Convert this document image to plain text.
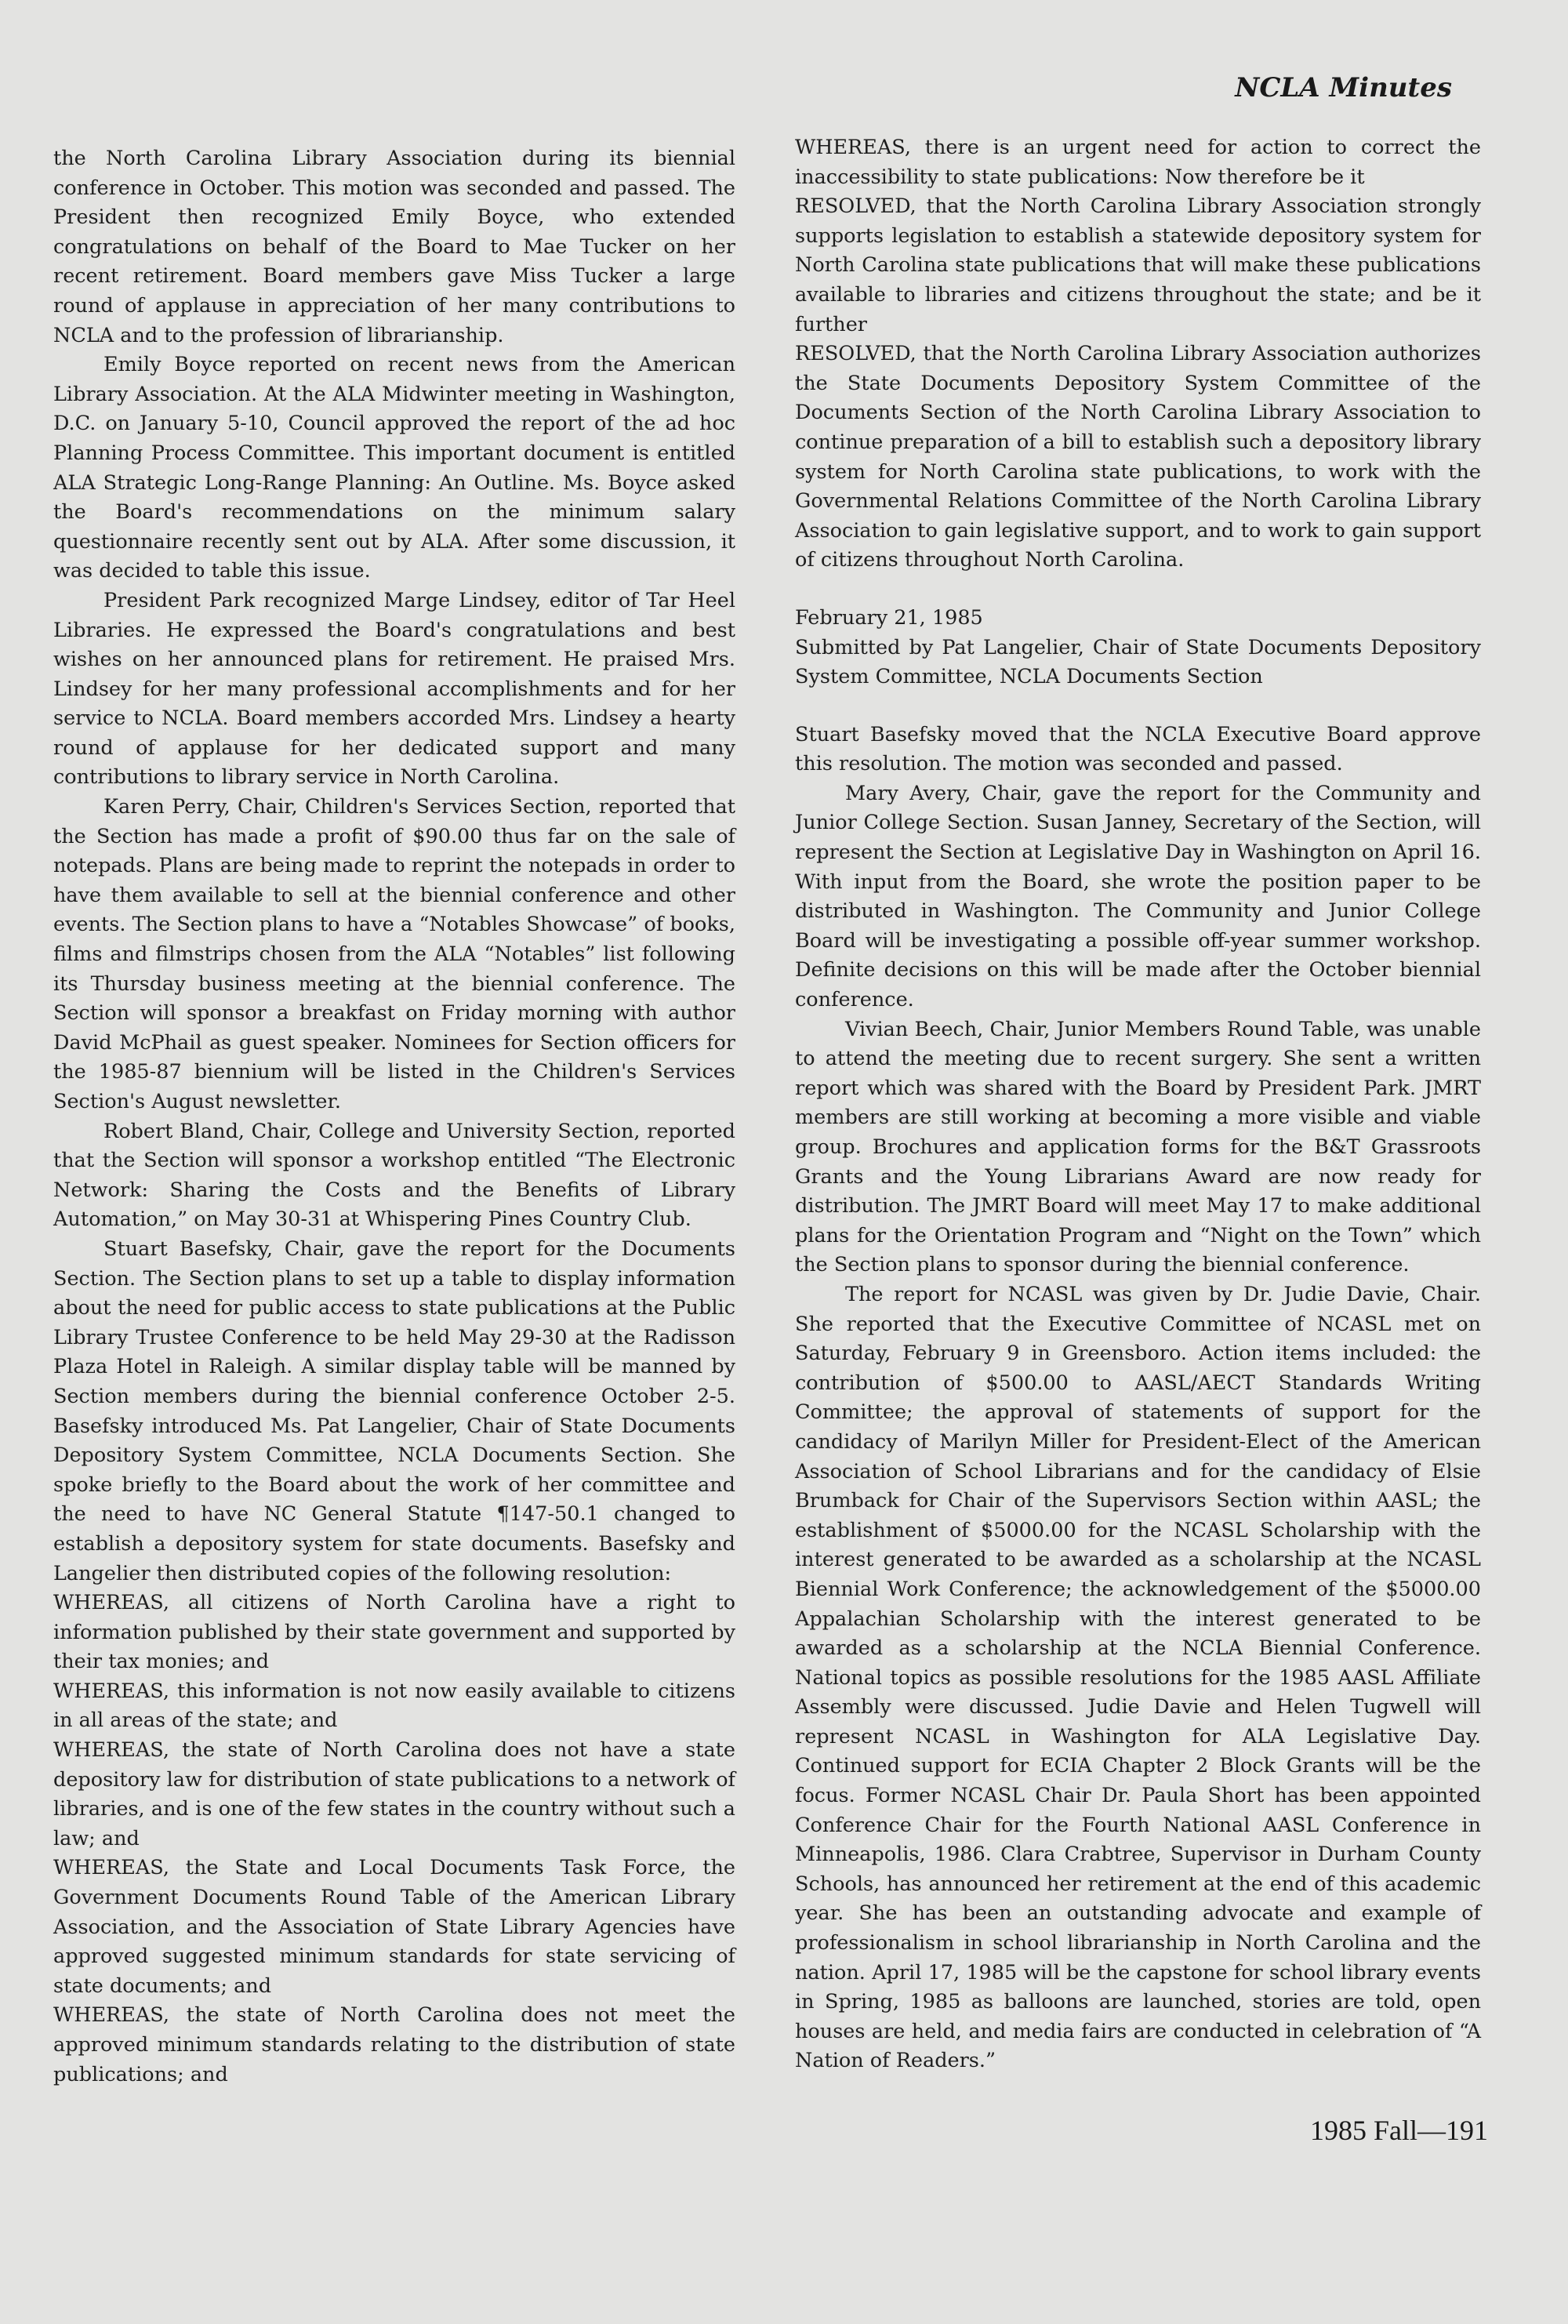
NCLA Minutes

the North Carolina Library Association during its biennial conference in October. This motion was seconded and passed. The President then recognized Emily Boyce, who extended congratulations on behalf of the Board to Mae Tucker on her recent retirement. Board members gave Miss Tucker a large round of applause in appreciation of her many contributions to NCLA and to the profession of librarianship.

Emily Boyce reported on recent news from the American Library Association. At the ALA Midwinter meeting in Washington, D.C. on January 5-10, Council approved the report of the ad hoc Planning Process Committee. This important document is entitled ALA Strategic Long-Range Planning: An Outline. Ms. Boyce asked the Board's recommendations on the minimum salary questionnaire recently sent out by ALA. After some discussion, it was decided to table this issue.

President Park recognized Marge Lindsey, editor of Tar Heel Libraries. He expressed the Board's congratulations and best wishes on her announced plans for retirement. He praised Mrs. Lindsey for her many professional accomplishments and for her service to NCLA. Board members accorded Mrs. Lindsey a hearty round of applause for her dedicated support and many contributions to library service in North Carolina.

Karen Perry, Chair, Children's Services Section, reported that the Section has made a profit of $90.00 thus far on the sale of notepads. Plans are being made to reprint the notepads in order to have them available to sell at the biennial conference and other events. The Section plans to have a “Notables Showcase” of books, films and filmstrips chosen from the ALA “Notables” list following its Thursday business meeting at the biennial conference. The Section will sponsor a breakfast on Friday morning with author David McPhail as guest speaker. Nominees for Section officers for the 1985-87 biennium will be listed in the Children's Services Section's August newsletter.

Robert Bland, Chair, College and University Section, reported that the Section will sponsor a workshop entitled “The Electronic Network: Sharing the Costs and the Benefits of Library Automation,” on May 30-31 at Whispering Pines Country Club.

Stuart Basefsky, Chair, gave the report for the Documents Section. The Section plans to set up a table to display information about the need for public access to state publications at the Public Library Trustee Conference to be held May 29-30 at the Radisson Plaza Hotel in Raleigh. A similar display table will be manned by Section members during the biennial conference October 2-5. Basefsky introduced Ms. Pat Langelier, Chair of State Documents Depository System Committee, NCLA Documents Section. She spoke briefly to the Board about the work of her committee and the need to have NC General Statute ¶147-50.1 changed to establish a depository system for state documents. Basefsky and Langelier then distributed copies of the following resolution:

WHEREAS, all citizens of North Carolina have a right to information published by their state government and supported by their tax monies; and

WHEREAS, this information is not now easily available to citizens in all areas of the state; and

WHEREAS, the state of North Carolina does not have a state depository law for distribution of state publications to a network of libraries, and is one of the few states in the country without such a law; and

WHEREAS, the State and Local Documents Task Force, the Government Documents Round Table of the American Library Association, and the Association of State Library Agencies have approved suggested minimum standards for state servicing of state documents; and

WHEREAS, the state of North Carolina does not meet the approved minimum standards relating to the distribution of state publications; and

WHEREAS, there is an urgent need for action to correct the inaccessibility to state publications: Now therefore be it

RESOLVED, that the North Carolina Library Association strongly supports legislation to establish a statewide depository system for North Carolina state publications that will make these publications available to libraries and citizens throughout the state; and be it further

RESOLVED, that the North Carolina Library Association authorizes the State Documents Depository System Committee of the Documents Section of the North Carolina Library Association to continue preparation of a bill to establish such a depository library system for North Carolina state publications, to work with the Governmental Relations Committee of the North Carolina Library Association to gain legislative support, and to work to gain support of citizens throughout North Carolina.

February 21, 1985

Submitted by Pat Langelier, Chair of State Documents Depository System Committee, NCLA Documents Section

Stuart Basefsky moved that the NCLA Executive Board approve this resolution. The motion was seconded and passed.

Mary Avery, Chair, gave the report for the Community and Junior College Section. Susan Janney, Secretary of the Section, will represent the Section at Legislative Day in Washington on April 16. With input from the Board, she wrote the position paper to be distributed in Washington. The Community and Junior College Board will be investigating a possible off-year summer workshop. Definite decisions on this will be made after the October biennial conference.

Vivian Beech, Chair, Junior Members Round Table, was unable to attend the meeting due to recent surgery. She sent a written report which was shared with the Board by President Park. JMRT members are still working at becoming a more visible and viable group. Brochures and application forms for the B&T Grassroots Grants and the Young Librarians Award are now ready for distribution. The JMRT Board will meet May 17 to make additional plans for the Orientation Program and “Night on the Town” which the Section plans to sponsor during the biennial conference.

The report for NCASL was given by Dr. Judie Davie, Chair. She reported that the Executive Committee of NCASL met on Saturday, February 9 in Greensboro. Action items included: the contribution of $500.00 to AASL/AECT Standards Writing Committee; the approval of statements of support for the candidacy of Marilyn Miller for President-Elect of the American Association of School Librarians and for the candidacy of Elsie Brumback for Chair of the Supervisors Section within AASL; the establishment of $5000.00 for the NCASL Scholarship with the interest generated to be awarded as a scholarship at the NCASL Biennial Work Conference; the acknowledgement of the $5000.00 Appalachian Scholarship with the interest generated to be awarded as a scholarship at the NCLA Biennial Conference. National topics as possible resolutions for the 1985 AASL Affiliate Assembly were discussed. Judie Davie and Helen Tugwell will represent NCASL in Washington for ALA Legislative Day. Continued support for ECIA Chapter 2 Block Grants will be the focus. Former NCASL Chair Dr. Paula Short has been appointed Conference Chair for the Fourth National AASL Conference in Minneapolis, 1986. Clara Crabtree, Supervisor in Durham County Schools, has announced her retirement at the end of this academic year. She has been an outstanding advocate and example of professionalism in school librarianship in North Carolina and the nation. April 17, 1985 will be the capstone for school library events in Spring, 1985 as balloons are launched, stories are told, open houses are held, and media fairs are conducted in celebration of “A Nation of Readers.”

1985 Fall—191
